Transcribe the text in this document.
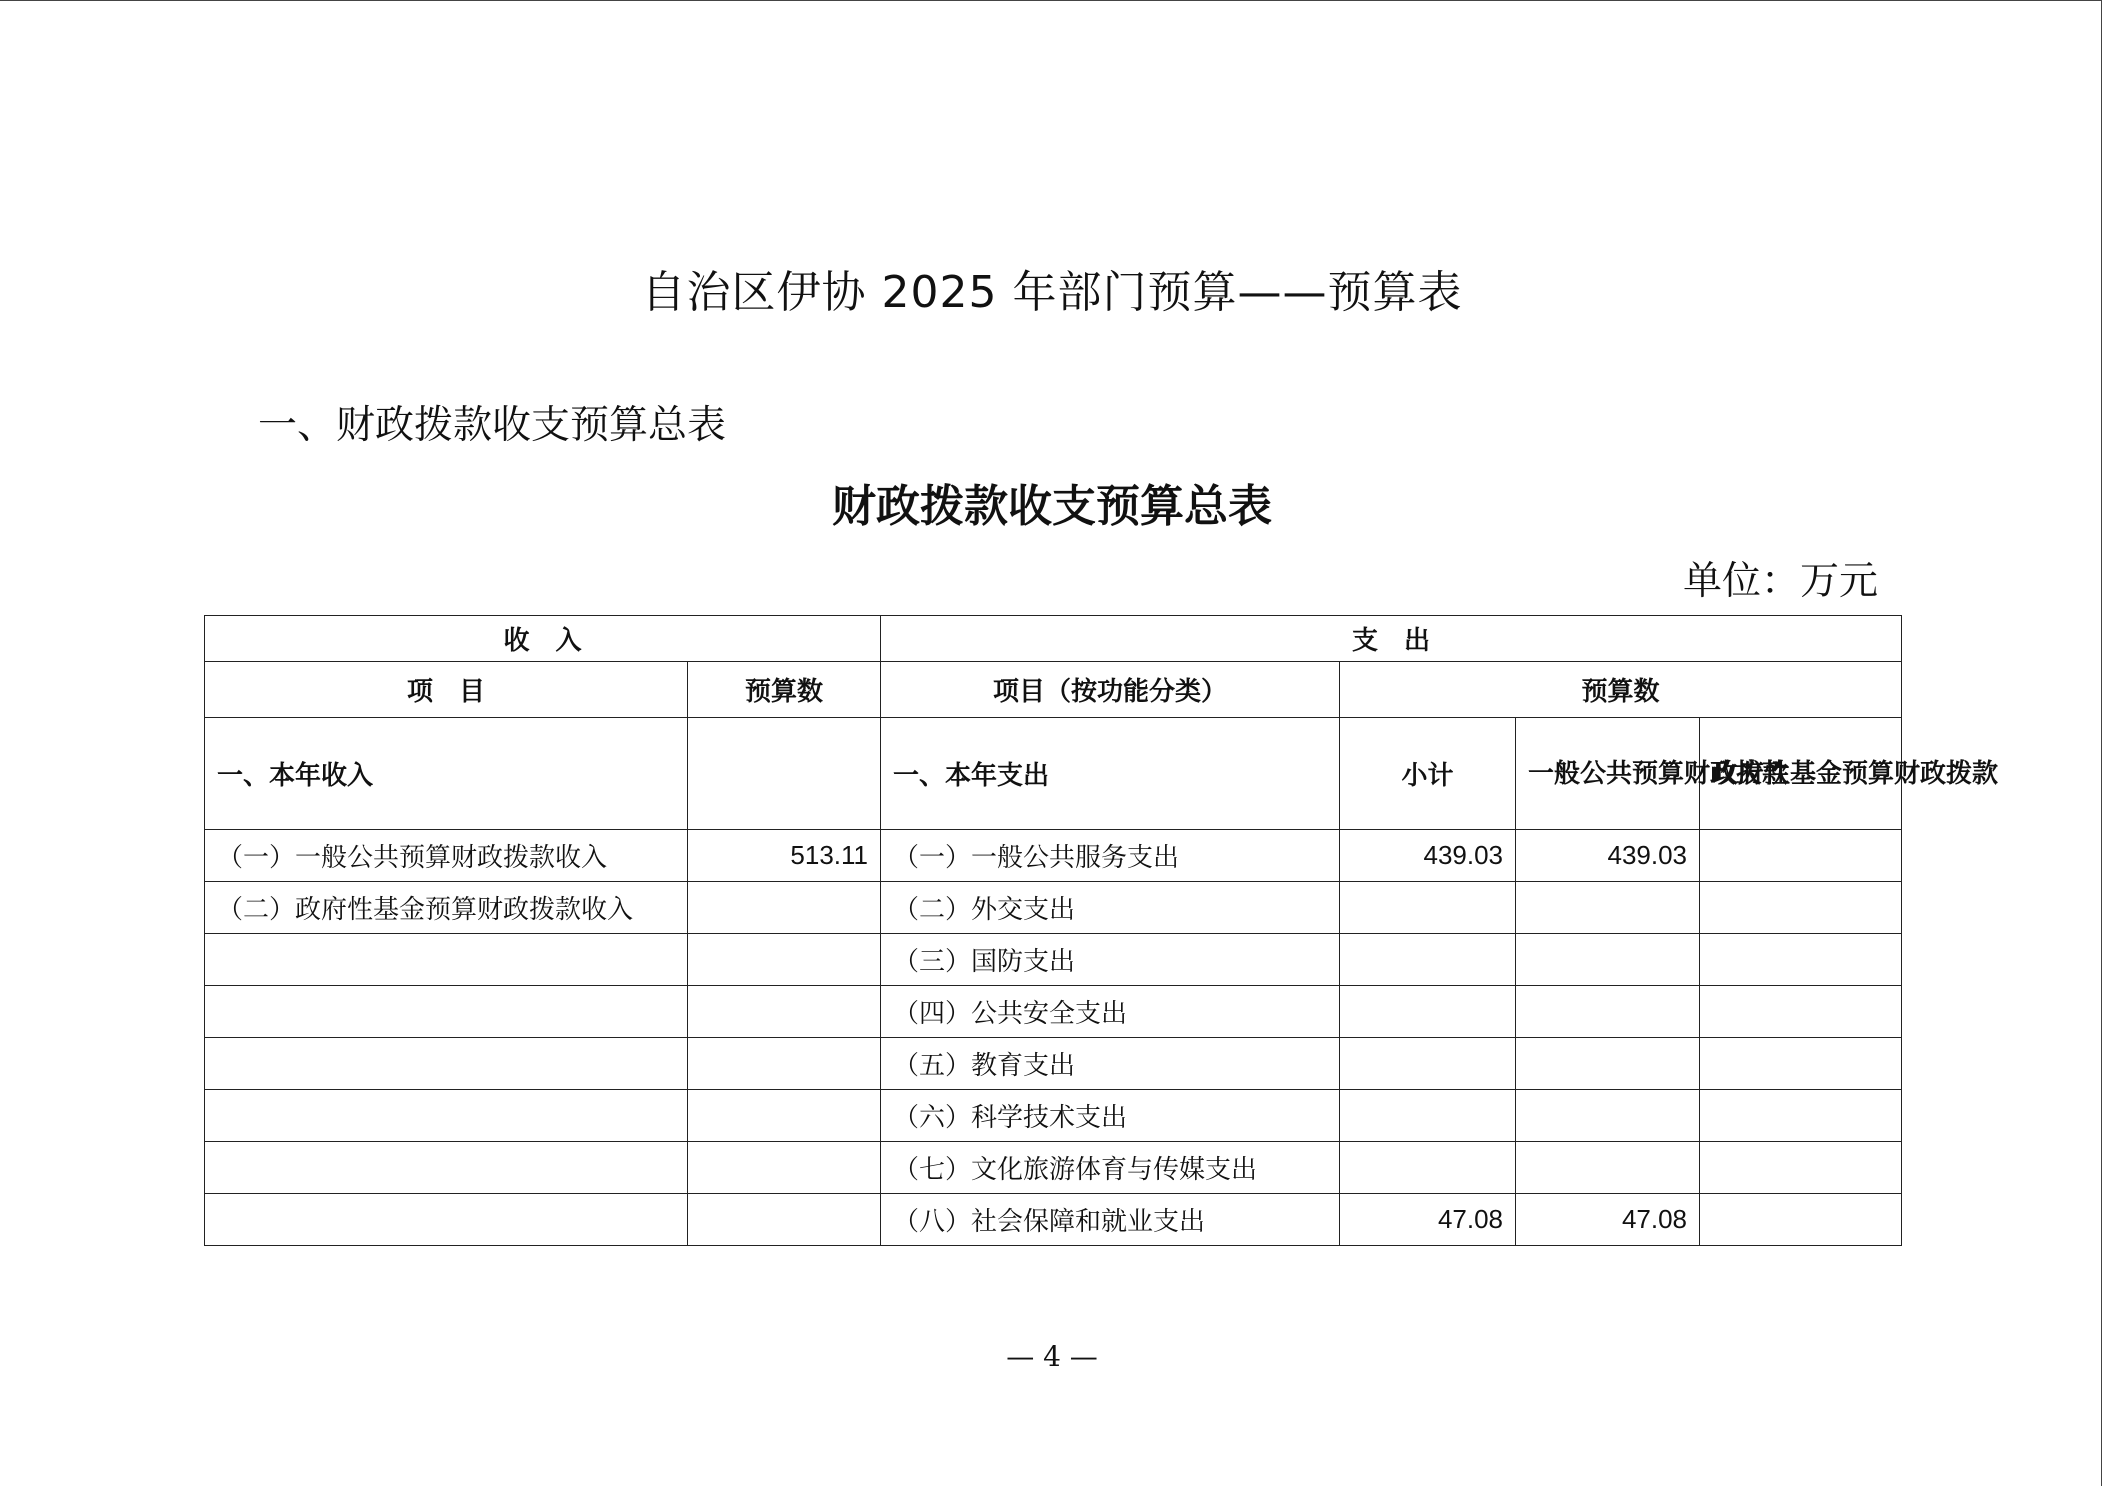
自治区伊协 2025 年部门预算——预算表
一、财政拨款收支预算总表
财政拨款收支预算总表
单位：万元
收　入		支　出			
项　目	预算数	项目（按功能分类）	预算数		
一、本年收入		一、本年支出	小计	一般公共预算财政拨款	政府性基金预算财政拨款
（一）一般公共预算财政拨款收入	513.11	（一）一般公共服务支出	439.03	439.03	
（二）政府性基金预算财政拨款收入		（二）外交支出			
		（三）国防支出			
		（四）公共安全支出			
		（五）教育支出			
		（六）科学技术支出			
		（七）文化旅游体育与传媒支出			
		（八）社会保障和就业支出	47.08	47.08	
— 4 —
